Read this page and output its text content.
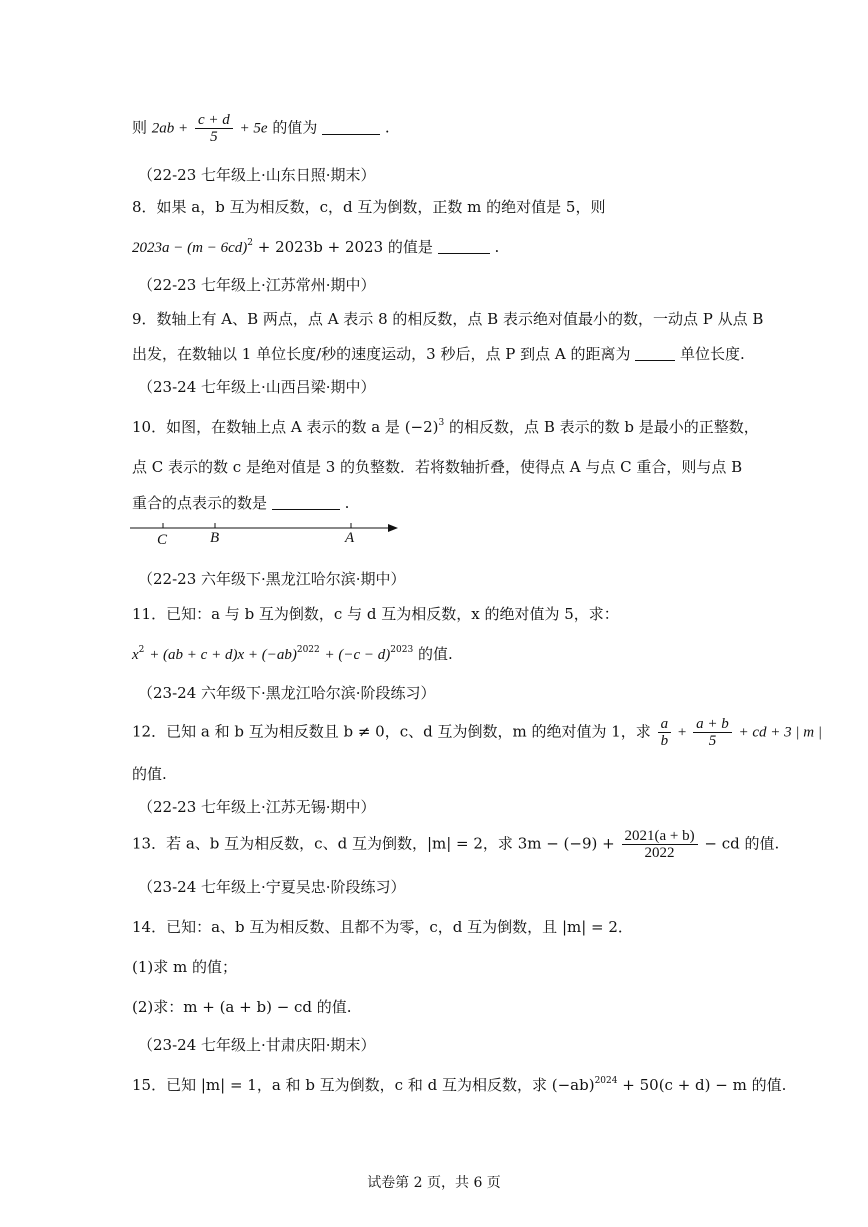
则 $2ab + \frac{c + d}{5} + 5e$ 的值为	.
（22-23 七年级上·山东日照·期末）
8．如果 a，b 互为相反数，c，d 互为倒数，正数 m 的绝对值是 5，则
$2023a - (m - 6cd)^2 + 2023b + 2023$ 的值是	.
（22-23 七年级上·江苏常州·期中）
9．数轴上有 A、B 两点，点 A 表示 8 的相反数，点 B 表示绝对值最小的数，一动点 P 从点 B
出发，在数轴以 1 单位长度/秒的速度运动，3 秒后，点 P 到点 A 的距离为	单位长度.
（23-24 七年级上·山西吕梁·期中）
10．如图，在数轴上点 A 表示的数 a 是 $(-2)^3$ 的相反数，点 B 表示的数 b 是最小的正整数，
点 C 表示的数 c 是绝对值是 3 的负整数．若将数轴折叠，使得点 A 与点 C 重合，则与点 B
重合的点表示的数是	.
C	B	A
（22-23 六年级下·黑龙江哈尔滨·期中）
11．已知：a 与 b 互为倒数，c 与 d 互为相反数，x 的绝对值为 5，求：
$x^2 + (ab + c + d)x + (-ab)^{2022} + (-c - d)^{2023}$ 的值.
（23-24 六年级下·黑龙江哈尔滨·阶段练习）
12．已知 a 和 b 互为相反数且 b ≠ 0，c、d 互为倒数，m 的绝对值为 1，求 $\frac{a}{b} + \frac{a + b}{5}$ + cd + 3 | m |
的值.
（22-23 七年级上·江苏无锡·期中）
13．若 a、b 互为相反数，c、d 互为倒数，|m| = 2，求 $3m - (-9) + \frac{2021(a + b)}{2022}$ − cd 的值.
（23-24 七年级上·宁夏吴忠·阶段练习）
14．已知：a、b 互为相反数、且都不为零，c，d 互为倒数，且 |m| = 2．
(1)求 m 的值；
(2)求：m + (a + b) − cd 的值.
（23-24 七年级上·甘肃庆阳·期末）
15．已知 |m| = 1，a 和 b 互为倒数，c 和 d 互为相反数，求 $(-ab)^{2024} + 50(c + d) - m$ 的值.
试卷第 2 页，共 6 页
